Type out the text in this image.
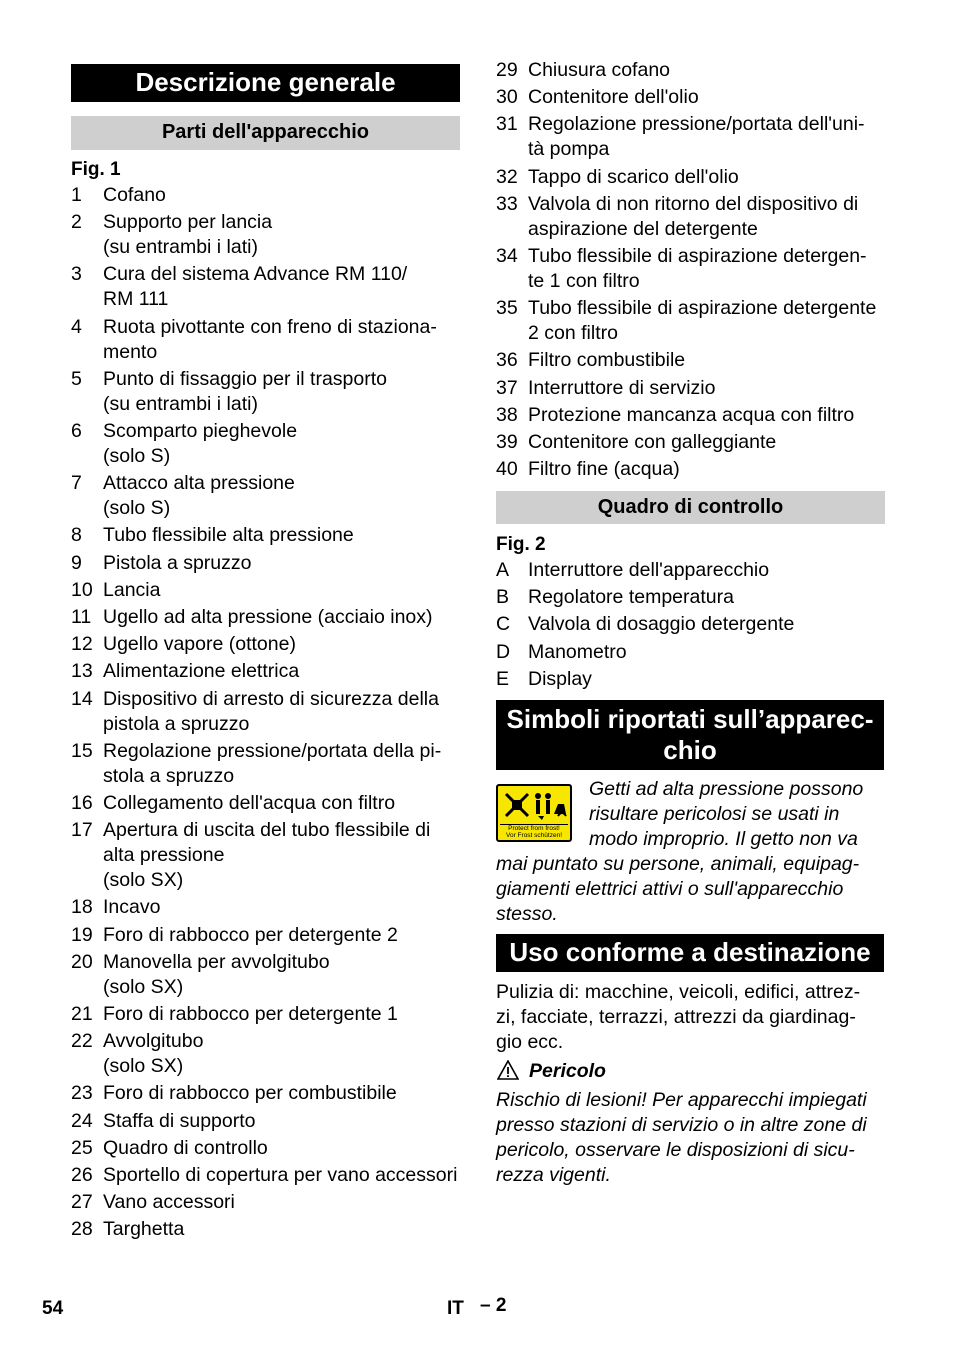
Descrizione generale
Parti dell'apparecchio
Fig. 1
1 Cofano
2 Supporto per lancia
(su entrambi i lati)
3 Cura del sistema Advance RM 110/
RM 111
4 Ruota pivottante con freno di staziona-
mento
5 Punto di fissaggio per il trasporto
(su entrambi i lati)
6 Scomparto pieghevole
(solo S)
7 Attacco alta pressione
(solo S)
8 Tubo flessibile alta pressione
9 Pistola a spruzzo
10 Lancia
11 Ugello ad alta pressione (acciaio inox)
12 Ugello vapore (ottone)
13 Alimentazione elettrica
14 Dispositivo di arresto di sicurezza della
pistola a spruzzo
15 Regolazione pressione/portata della pi-
stola a spruzzo
16 Collegamento dell'acqua con filtro
17 Apertura di uscita del tubo flessibile di
alta pressione
(solo SX)
18 Incavo
19 Foro di rabbocco per detergente 2
20 Manovella per avvolgitubo
(solo SX)
21 Foro di rabbocco per detergente 1
22 Avvolgitubo
(solo SX)
23 Foro di rabbocco per combustibile
24 Staffa di supporto
25 Quadro di controllo
26 Sportello di copertura per vano accessori
27 Vano accessori
28 Targhetta
29 Chiusura cofano
30 Contenitore dell'olio
31 Regolazione pressione/portata dell'uni-
tà pompa
32 Tappo di scarico dell'olio
33 Valvola di non ritorno del dispositivo di
aspirazione del detergente
34 Tubo flessibile di aspirazione detergen-
te 1 con filtro
35 Tubo flessibile di aspirazione detergente
2 con filtro
36 Filtro combustibile
37 Interruttore di servizio
38 Protezione mancanza acqua con filtro
39 Contenitore con galleggiante
40 Filtro fine (acqua)
Quadro di controllo
Fig. 2
A Interruttore dell'apparecchio
B Regolatore temperatura
C Valvola di dosaggio detergente
D Manometro
E Display
Simboli riportati sull’apparec-
chio
Protect from frost!
Vor Frost schützen!
Getti ad alta pressione possono
risultare pericolosi se usati in
modo improprio. Il getto non va
mai puntato su persone, animali, equipag-
giamenti elettrici attivi o sull'apparecchio
stesso.
Uso conforme a destinazione
Pulizia di: macchine, veicoli, edifici, attrez-
zi, facciate, terrazzi, attrezzi da giardinag-
gio ecc.
Pericolo
Rischio di lesioni! Per apparecchi impiegati
presso stazioni di servizio o in altre zone di
pericolo, osservare le disposizioni di sicu-
rezza vigenti.
54	IT – 2
